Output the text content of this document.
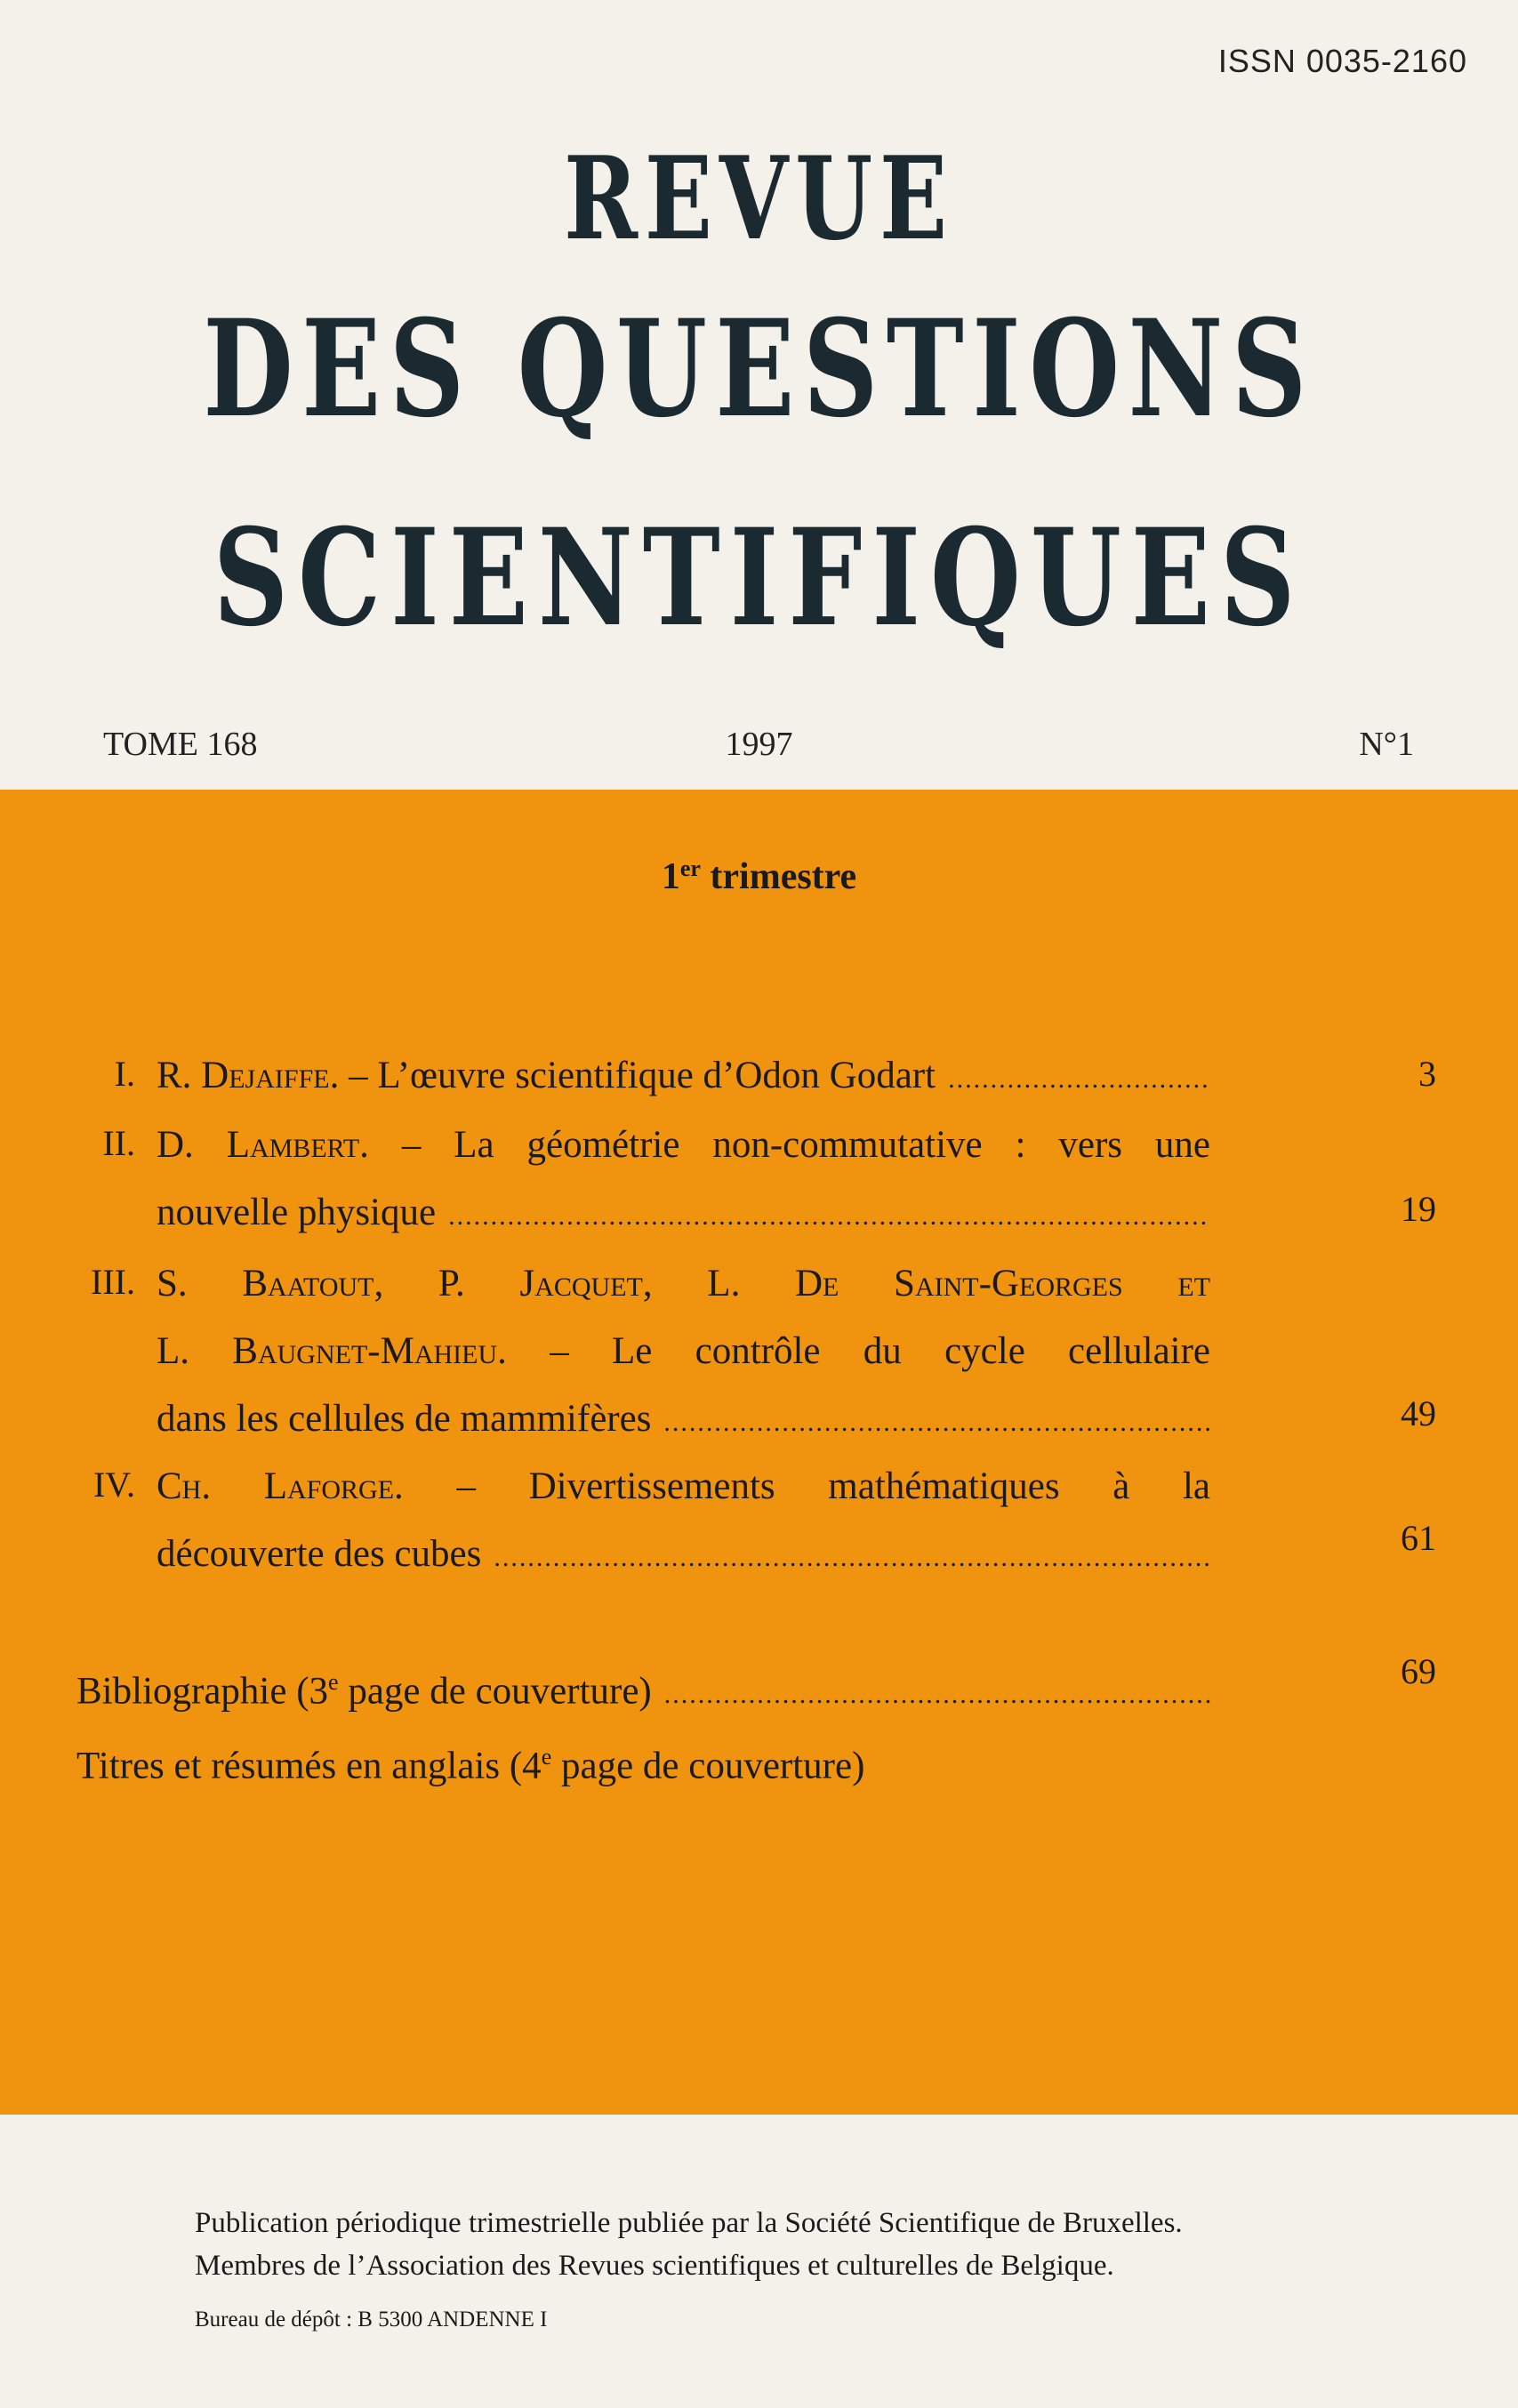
ISSN 0035-2160
REVUE
DES QUESTIONS
SCIENTIFIQUES
TOME 168	1997	N°1
1er trimestre
I. R. Dejaiffe. – L’œuvre scientifique d’Odon Godart .....	3
II. D. Lambert. – La géométrie non-commutative : vers une
nouvelle physique .....	19
III. S. Baatout, P. Jacquet, L. De Saint-Georges et
L. Baugnet-Mahieu. – Le contrôle du cycle cellulaire
dans les cellules de mammifères .....	49
IV. Ch. Laforge. – Divertissements mathématiques à la
découverte des cubes .....	61
Bibliographie (3e page de couverture) .....	69
Titres et résumés en anglais (4e page de couverture)
Publication périodique trimestrielle publiée par la Société Scientifique de Bruxelles.
Membres de l’Association des Revues scientifiques et culturelles de Belgique.
Bureau de dépôt : B 5300 ANDENNE I
